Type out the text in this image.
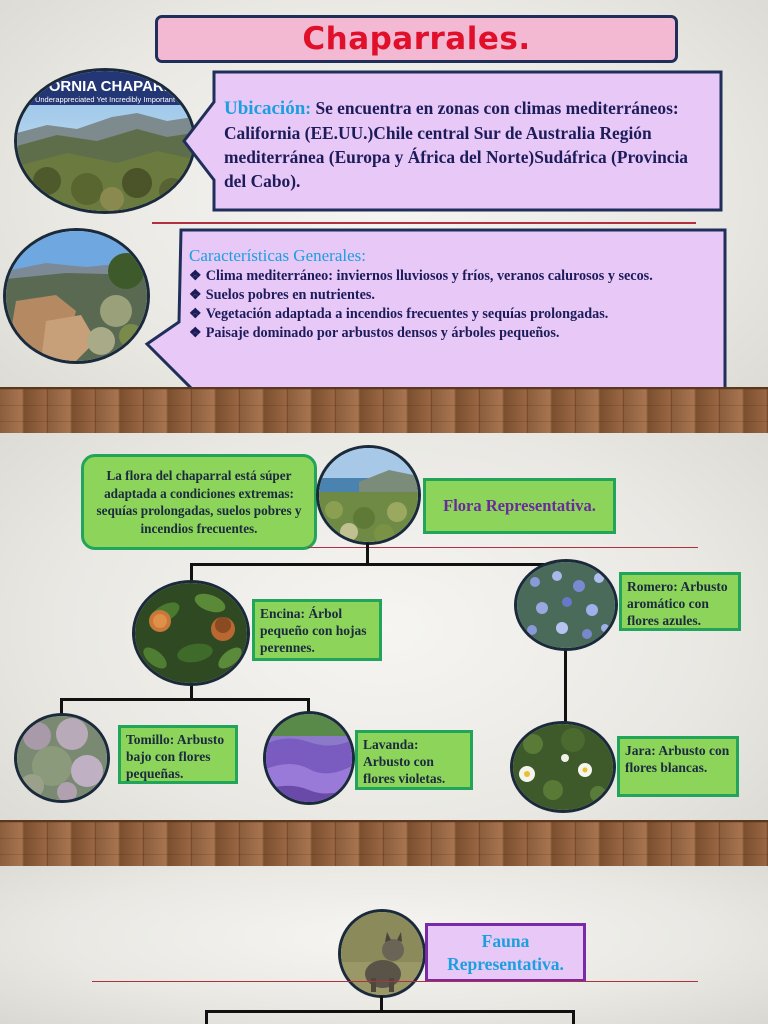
Chaparrales.
IFORNIA CHAPARR
Underappreciated Yet Incredibly Important	Ubicación: Se encuentra en zonas con climas mediterráneos: California (EE.UU.)Chile central Sur de Australia Región mediterránea (Europa y África del Norte)Sudáfrica (Provincia del Cabo).
Características Generales:
❖ Clima mediterráneo: inviernos lluviosos y fríos, veranos calurosos y secos.
❖ Suelos pobres en nutrientes.
❖ Vegetación adaptada a incendios frecuentes y sequías prolongadas.
❖ Paisaje dominado por arbustos densos y árboles pequeños.
La flora del chaparral está súper adaptada a condiciones extremas: sequías prolongadas, suelos pobres y incendios frecuentes.
Flora Representativa.
Encina: Árbol pequeño con hojas perennes.
Romero: Arbusto aromático con flores azules.
Tomillo: Arbusto bajo con flores pequeñas.
Lavanda: Arbusto con flores violetas.
Jara: Arbusto con flores blancas.
Fauna Representativa.
